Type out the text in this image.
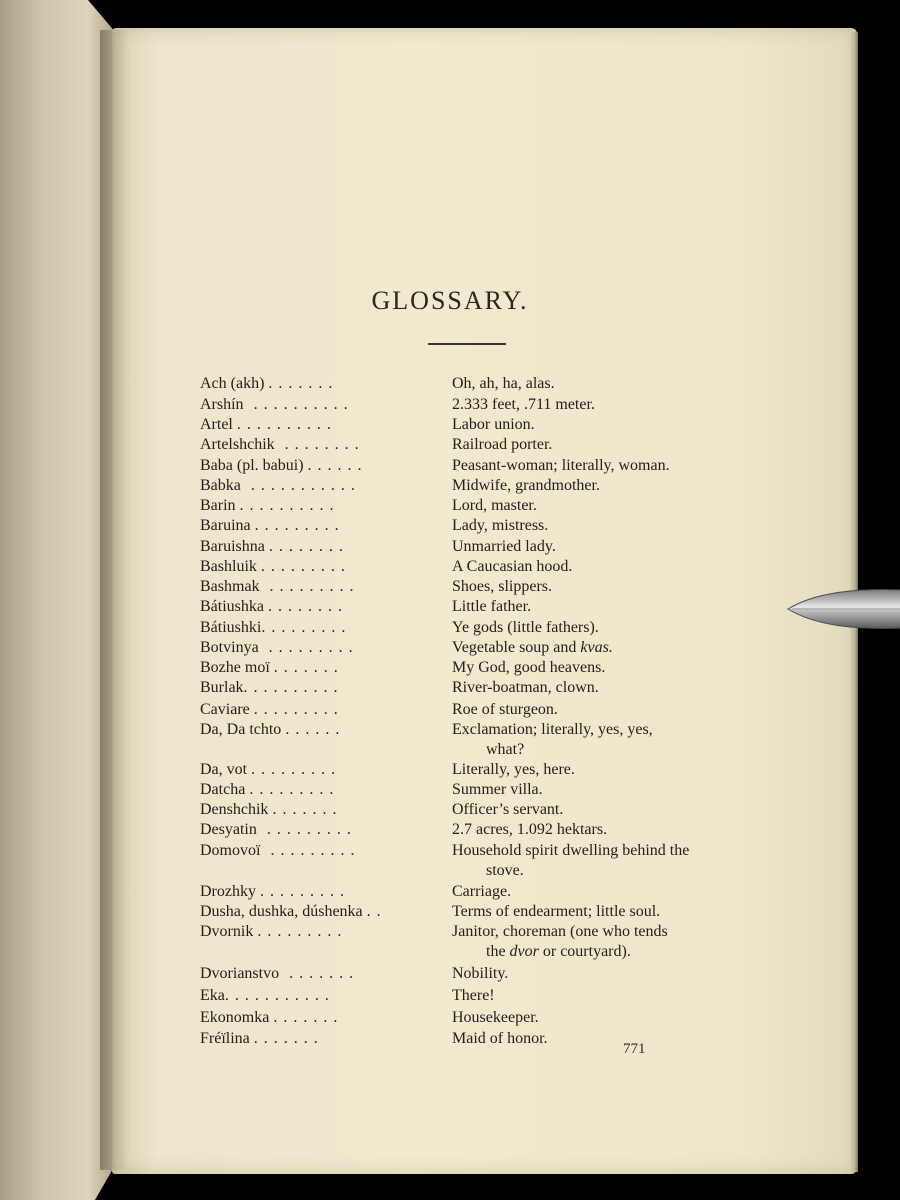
GLOSSARY.
Ach (akh) .......	Oh, ah, ha, alas.
Arshín ..........	2.333 feet, .711 meter.
Artel ..........	Labor union.
Artelshchik ........	Railroad porter.
Baba (pl. babui) ......	Peasant-woman; literally, woman.
Babka ...........	Midwife, grandmother.
Barin ..........	Lord, master.
Baruina .........	Lady, mistress.
Baruishna ........	Unmarried lady.
Bashluik .........	A Caucasian hood.
Bashmak .........	Shoes, slippers.
Bátiushka ........	Little father.
Bátiushki.........	Ye gods (little fathers).
Botvinya .........	Vegetable soup and kvas.
Bozhe moï .......	My God, good heavens.
Burlak..........	River-boatman, clown.
Caviare .........	Roe of sturgeon.
Da, Da tchto ......	Exclamation; literally, yes, yes,
what?
Da, vot .........	Literally, yes, here.
Datcha .........	Summer villa.
Denshchik .......	Officer’s servant.
Desyatin .........	2.7 acres, 1.092 hektars.
Domovoï .........	Household spirit dwelling behind the
stove.
Drozhky .........	Carriage.
Dusha, dushka, dúshenka ..	Terms of endearment; little soul.
Dvornik .........	Janitor, choreman (one who tends
the dvor or courtyard).
Dvorianstvo .......	Nobility.
Eka...........	There!
Ekonomka .......	Housekeeper.
Fréïlina .......	Maid of honor.
771
